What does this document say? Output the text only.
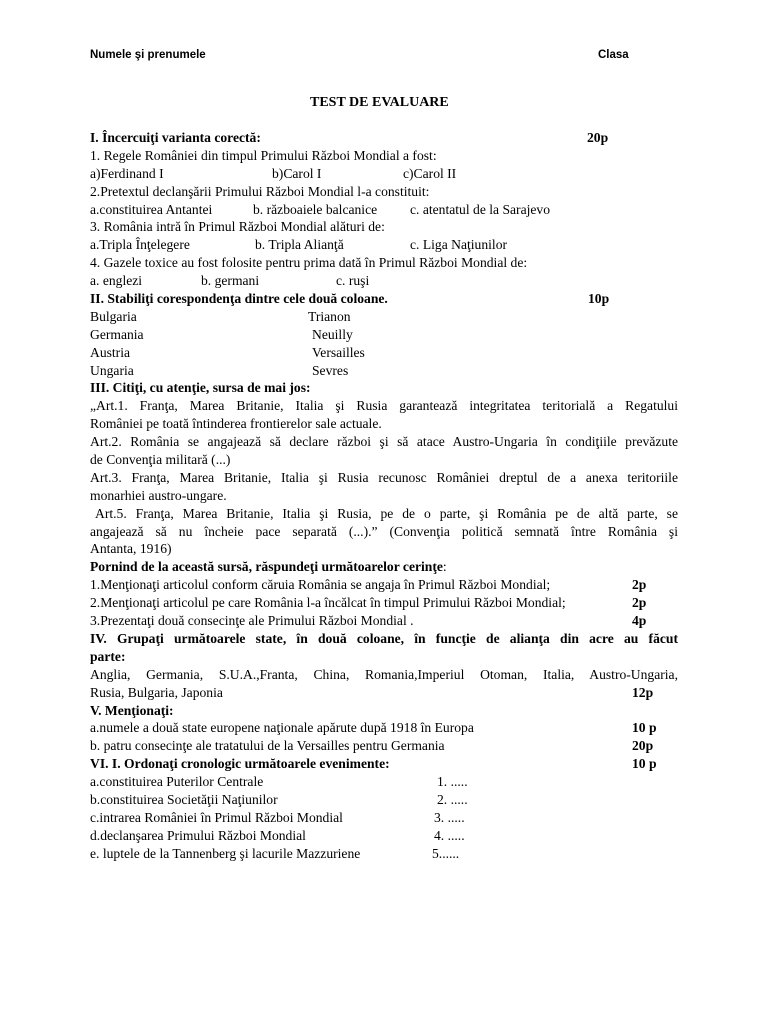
Numele şi prenumele	Clasa
TEST DE EVALUARE
I. Încercuiţi varianta corectă:	20p
1. Regele României din timpul Primului Război Mondial a fost:
a)Ferdinand I	b)Carol I	c)Carol II
2.Pretextul declanşării Primului Război Mondial l-a constituit:
a.constituirea Antantei	b. războaiele balcanice c. atentatul de la Sarajevo
3. România intră în Primul Război Mondial alături de:
a.Tripla Înţelegere	b. Tripla Alianţă	c. Liga Naţiunilor
4. Gazele toxice au fost folosite pentru prima dată în Primul Război Mondial de:
a. englezi	b. germani	c. ruşi
II. Stabiliţi corespondenţa dintre cele două coloane.	10p
Bulgaria	Trianon
Germania	Neuilly
Austria	Versailles
Ungaria	Sevres
III. Citiţi, cu atenţie, sursa de mai jos:
„Art.1. Franţa, Marea Britanie, Italia şi Rusia garantează integritatea teritorială a Regatului
României pe toată întinderea frontierelor sale actuale.
Art.2. România se angajează să declare război şi să atace Austro-Ungaria în condiţiile prevăzute
de Convenţia militară (...)
Art.3. Franţa, Marea Britanie, Italia şi Rusia recunosc României dreptul de a anexa teritoriile
monarhiei austro-ungare.
Art.5. Franţa, Marea Britanie, Italia şi Rusia, pe de o parte, şi România pe de altă parte, se
angajează să nu încheie pace separată (...).” (Convenţia politică semnată între România şi
Antanta, 1916)
Pornind de la această sursă, răspundeţi următoarelor cerinţe:
1.Menţionaţi articolul conform căruia România se angaja în Primul Război Mondial;	2p
2.Menţionaţi articolul pe care România l-a încălcat în timpul Primului Război Mondial;	2p
3.Prezentaţi două consecinţe ale Primului Război Mondial .	4p
IV. Grupaţi următoarele state, în două coloane, în funcţie de alianţa din acre au făcut
parte:
Anglia, Germania, S.U.A.,Franta, China, Romania,Imperiul Otoman, Italia, Austro-Ungaria,
Rusia, Bulgaria, Japonia	12p
V. Menţionaţi:
a.numele a două state europene naţionale apărute după 1918 în Europa	10 p
b. patru consecinţe ale tratatului de la Versailles pentru Germania	20p
VI. I. Ordonaţi cronologic următoarele evenimente:	10 p
a.constituirea Puterilor Centrale	1. .....
b.constituirea Societăţii Naţiunilor	2. .....
c.intrarea României în Primul Război Mondial	3. .....
d.declanşarea Primului Război Mondial	4. .....
e. luptele de la Tannenberg şi lacurile Mazzuriene	5......
